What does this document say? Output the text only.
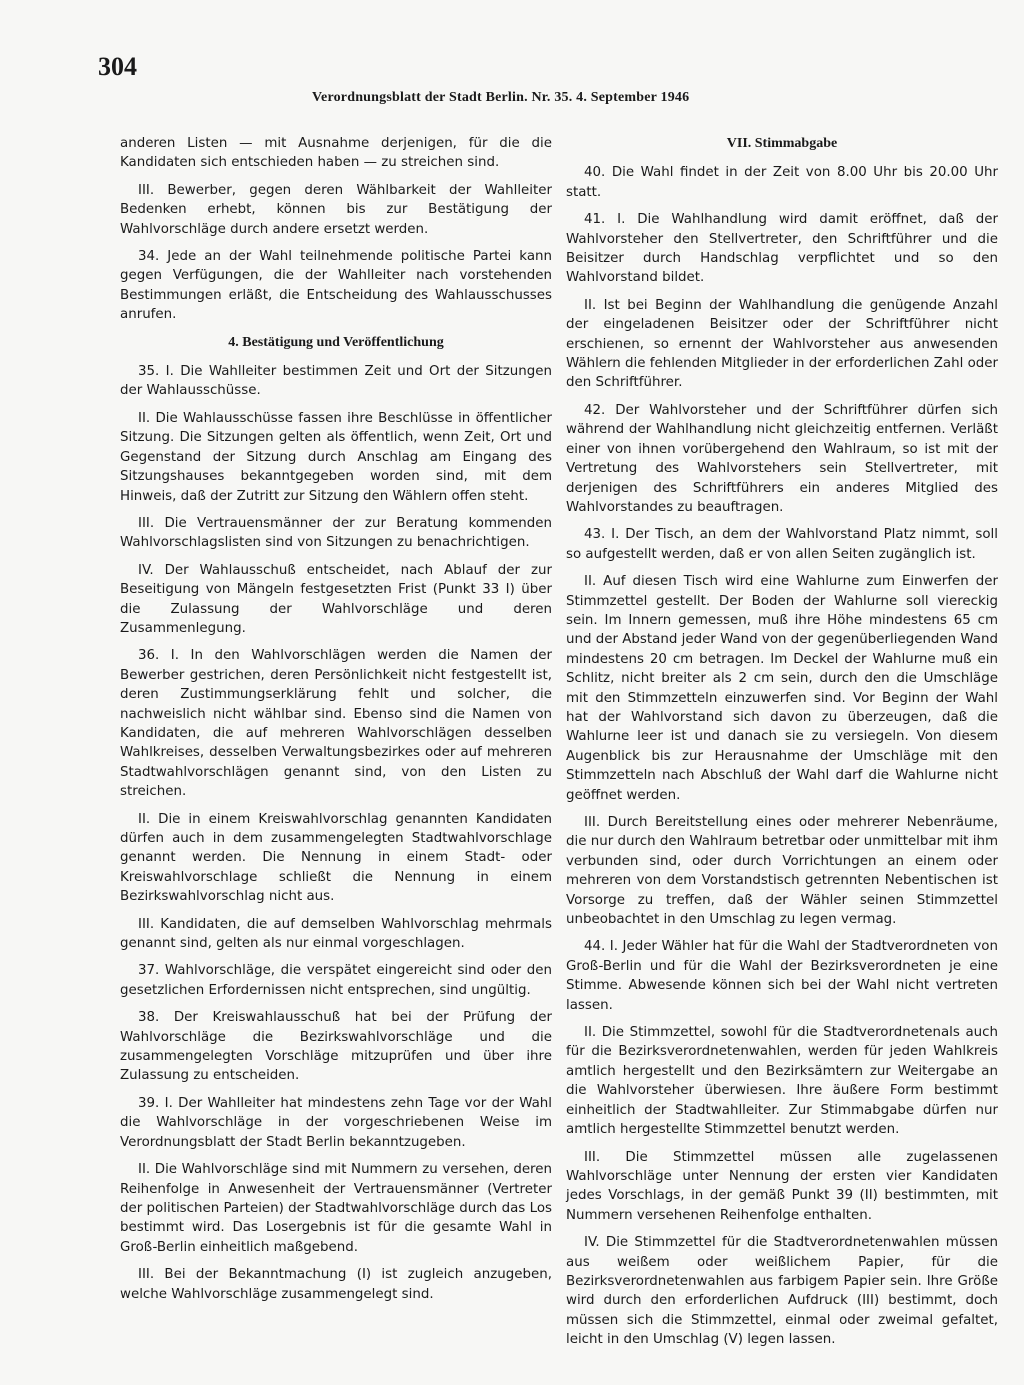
304
Verordnungsblatt der Stadt Berlin. Nr. 35. 4. September 1946

anderen Listen — mit Ausnahme derjenigen, für die die Kandidaten sich entschieden haben — zu streichen sind.

III. Bewerber, gegen deren Wählbarkeit der Wahlleiter Bedenken erhebt, können bis zur Bestätigung der Wahlvorschläge durch andere ersetzt werden.

34. Jede an der Wahl teilnehmende politische Partei kann gegen Verfügungen, die der Wahlleiter nach vorstehenden Bestimmungen erläßt, die Entscheidung des Wahlausschusses anrufen.

4. Bestätigung und Veröffentlichung

35. I. Die Wahlleiter bestimmen Zeit und Ort der Sitzungen der Wahlausschüsse.

II. Die Wahlausschüsse fassen ihre Beschlüsse in öffentlicher Sitzung. Die Sitzungen gelten als öffentlich, wenn Zeit, Ort und Gegenstand der Sitzung durch Anschlag am Eingang des Sitzungshauses bekanntgegeben worden sind, mit dem Hinweis, daß der Zutritt zur Sitzung den Wählern offen steht.

III. Die Vertrauensmänner der zur Beratung kommenden Wahlvorschlagslisten sind von Sitzungen zu benachrichtigen.

IV. Der Wahlausschuß entscheidet, nach Ablauf der zur Beseitigung von Mängeln festgesetzten Frist (Punkt 33 I) über die Zulassung der Wahlvorschläge und deren Zusammenlegung.

36. I. In den Wahlvorschlägen werden die Namen der Bewerber gestrichen, deren Persönlichkeit nicht festgestellt ist, deren Zustimmungserklärung fehlt und solcher, die nachweislich nicht wählbar sind. Ebenso sind die Namen von Kandidaten, die auf mehreren Wahlvorschlägen desselben Wahlkreises, desselben Verwaltungsbezirkes oder auf mehreren Stadtwahlvorschlägen genannt sind, von den Listen zu streichen.

II. Die in einem Kreiswahlvorschlag genannten Kandidaten dürfen auch in dem zusammengelegten Stadtwahlvorschlage genannt werden. Die Nennung in einem Stadt- oder Kreiswahlvorschlage schließt die Nennung in einem Bezirkswahlvorschlag nicht aus.

III. Kandidaten, die auf demselben Wahlvorschlag mehrmals genannt sind, gelten als nur einmal vorgeschlagen.

37. Wahlvorschläge, die verspätet eingereicht sind oder den gesetzlichen Erfordernissen nicht entsprechen, sind ungültig.

38. Der Kreiswahlausschuß hat bei der Prüfung der Wahlvorschläge die Bezirkswahlvorschläge und die zusammengelegten Vorschläge mitzuprüfen und über ihre Zulassung zu entscheiden.

39. I. Der Wahlleiter hat mindestens zehn Tage vor der Wahl die Wahlvorschläge in der vorgeschriebenen Weise im Verordnungsblatt der Stadt Berlin bekanntzugeben.

II. Die Wahlvorschläge sind mit Nummern zu versehen, deren Reihenfolge in Anwesenheit der Vertrauensmänner (Vertreter der politischen Parteien) der Stadtwahlvorschläge durch das Los bestimmt wird. Das Losergebnis ist für die gesamte Wahl in Groß-Berlin einheitlich maßgebend.

III. Bei der Bekanntmachung (I) ist zugleich anzugeben, welche Wahlvorschläge zusammengelegt sind.

VII. Stimmabgabe

40. Die Wahl findet in der Zeit von 8.00 Uhr bis 20.00 Uhr statt.

41. I. Die Wahlhandlung wird damit eröffnet, daß der Wahlvorsteher den Stellvertreter, den Schriftführer und die Beisitzer durch Handschlag verpflichtet und so den Wahlvorstand bildet.

II. Ist bei Beginn der Wahlhandlung die genügende Anzahl der eingeladenen Beisitzer oder der Schriftführer nicht erschienen, so ernennt der Wahlvorsteher aus anwesenden Wählern die fehlenden Mitglieder in der erforderlichen Zahl oder den Schriftführer.

42. Der Wahlvorsteher und der Schriftführer dürfen sich während der Wahlhandlung nicht gleichzeitig entfernen. Verläßt einer von ihnen vorübergehend den Wahlraum, so ist mit der Vertretung des Wahlvorstehers sein Stellvertreter, mit derjenigen des Schriftführers ein anderes Mitglied des Wahlvorstandes zu beauftragen.

43. I. Der Tisch, an dem der Wahlvorstand Platz nimmt, soll so aufgestellt werden, daß er von allen Seiten zugänglich ist.

II. Auf diesen Tisch wird eine Wahlurne zum Einwerfen der Stimmzettel gestellt. Der Boden der Wahlurne soll viereckig sein. Im Innern gemessen, muß ihre Höhe mindestens 65 cm und der Abstand jeder Wand von der gegenüberliegenden Wand mindestens 20 cm betragen. Im Deckel der Wahlurne muß ein Schlitz, nicht breiter als 2 cm sein, durch den die Umschläge mit den Stimmzetteln einzuwerfen sind. Vor Beginn der Wahl hat der Wahlvorstand sich davon zu überzeugen, daß die Wahlurne leer ist und danach sie zu versiegeln. Von diesem Augenblick bis zur Herausnahme der Umschläge mit den Stimmzetteln nach Abschluß der Wahl darf die Wahlurne nicht geöffnet werden.

III. Durch Bereitstellung eines oder mehrerer Nebenräume, die nur durch den Wahlraum betretbar oder unmittelbar mit ihm verbunden sind, oder durch Vorrichtungen an einem oder mehreren von dem Vorstandstisch getrennten Nebentischen ist Vorsorge zu treffen, daß der Wähler seinen Stimmzettel unbeobachtet in den Umschlag zu legen vermag.

44. I. Jeder Wähler hat für die Wahl der Stadtverordneten von Groß-Berlin und für die Wahl der Bezirksverordneten je eine Stimme. Abwesende können sich bei der Wahl nicht vertreten lassen.

II. Die Stimmzettel, sowohl für die Stadtverordnetenals auch für die Bezirksverordnetenwahlen, werden für jeden Wahlkreis amtlich hergestellt und den Bezirksämtern zur Weitergabe an die Wahlvorsteher überwiesen. Ihre äußere Form bestimmt einheitlich der Stadtwahlleiter. Zur Stimmabgabe dürfen nur amtlich hergestellte Stimmzettel benutzt werden.

III. Die Stimmzettel müssen alle zugelassenen Wahlvorschläge unter Nennung der ersten vier Kandidaten jedes Vorschlags, in der gemäß Punkt 39 (II) bestimmten, mit Nummern versehenen Reihenfolge enthalten.

IV. Die Stimmzettel für die Stadtverordnetenwahlen müssen aus weißem oder weißlichem Papier, für die Bezirksverordnetenwahlen aus farbigem Papier sein. Ihre Größe wird durch den erforderlichen Aufdruck (III) bestimmt, doch müssen sich die Stimmzettel, einmal oder zweimal gefaltet, leicht in den Umschlag (V) legen lassen.
